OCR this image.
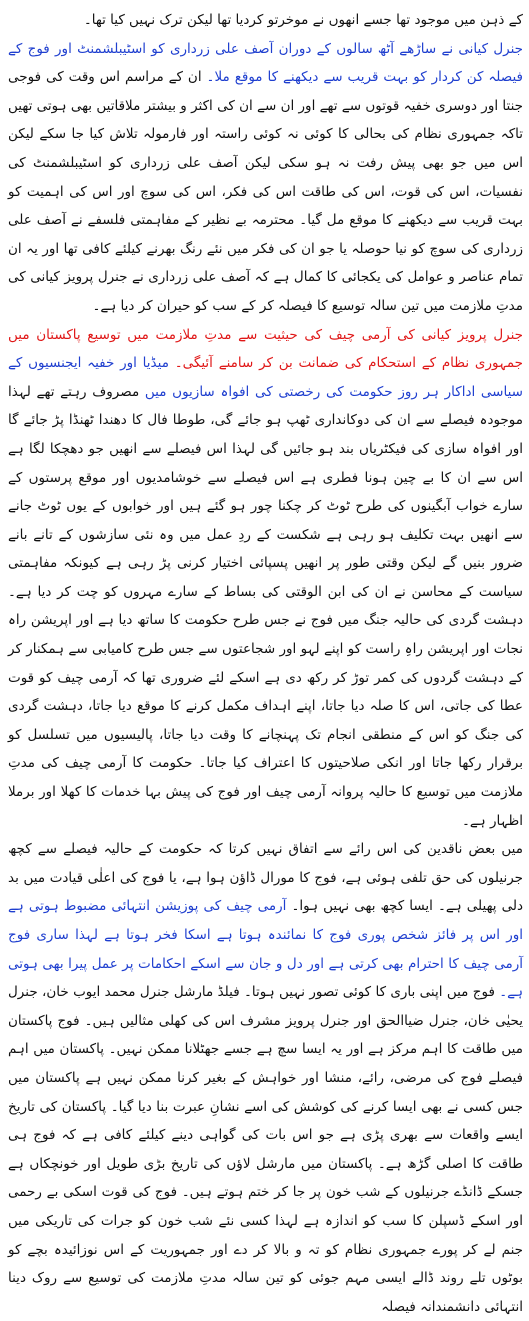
کے ذہن میں موجود تھا جسے انھوں نے موخرتو کردیا تھا لیکن ترک نہیں کیا تھا۔

جنرل کیانی نے ساڑھے آٹھ سالوں کے دوران آصف علی زرداری کو اسٹیبلشمنٹ اور فوج کے فیصلہ کن کردار کو بہت قریب سے دیکھنے کا موقع ملا۔ ان کے مراسم اس وقت کی فوجی جنتا اور دوسری خفیہ قوتوں سے تھے اور ان سے ان کی اکثر و بیشتر ملاقاتیں بھی ہوتی تھیں تاکہ جمہوری نظام کی بحالی کا کوئی نہ کوئی راستہ اور فارمولہ تلاش کیا جا سکے لیکن اس میں جو بھی پیش رفت نہ ہو سکی لیکن آصف علی زرداری کو اسٹیبلشمنٹ کی نفسیات، اس کی قوت، اس کی طاقت اس کی فکر، اس کی سوچ اور اس کی اہمیت کو بہت قریب سے دیکھنے کا موقع مل گیا۔ محترمہ بے نظیر کے مفاہمتی فلسفے نے آصف علی زرداری کی سوچ کو نیا حوصلہ یا جو ان کی فکر میں نئے رنگ بھرنے کیلئے کافی تھا اور یہ ان تمام عناصر و عوامل کی یکجائی کا کمال ہے کہ آصف علی زرداری نے جنرل پرویز کیانی کی مدتِ ملازمت میں تین سالہ توسیع کا فیصلہ کر کے سب کو حیران کر دیا ہے۔

جنرل پرویز کیانی کی آرمی چیف کی حیثیت سے مدتِ ملازمت میں توسیع پاکستان میں جمہوری نظام کے استحکام کی ضمانت بن کر سامنے آئیگی۔ میڈیا اور خفیہ ایجنسیوں کے سیاسی اداکار ہر روز حکومت کی رخصتی کی افواہ سازیوں میں مصروف رہتے تھے لہذا موجودہ فیصلے سے ان کی دوکانداری ٹھپ ہو جائے گی، طوطا فال کا دھندا ٹھنڈا پڑ جائے گا اور افواہ سازی کی فیکٹریاں بند ہو جائیں گی لہذا اس فیصلے سے انھیں جو دھچکا لگا ہے اس سے ان کا بے چین ہونا فطری ہے اس فیصلے سے خوشامدیوں اور موقع پرستوں کے سارے خواب آبگینوں کی طرح ٹوٹ کر چکنا چور ہو گئے ہیں اور خوابوں کے یوں ٹوٹ جانے سے انھیں بہت تکلیف ہو رہی ہے شکست کے ردِ عمل میں وہ نئی سازشوں کے تانے بانے ضرور بنیں گے لیکن وقتی طور پر انھیں پسپائی اختیار کرنی پڑ رہی ہے کیونکہ مفاہمتی سیاست کے محاسن نے ان کی ابن الوقتی کی بساط کے سارے مہروں کو چت کر دیا ہے۔ دہشت گردی کی حالیہ جنگ میں فوج نے جس طرح حکومت کا ساتھ دیا ہے اور اپریشن راہ نجات اور اپریشن راہِ راست کو اپنے لہو اور شجاعتوں سے جس طرح کامیابی سے ہمکنار کر کے دہشت گردوں کی کمر توڑ کر رکھ دی ہے اسکے لئے ضروری تھا کہ آرمی چیف کو قوت عطا کی جاتی، اس کا صلہ دیا جاتا، اپنے اہداف مکمل کرنے کا موقع دیا جاتا، دہشت گردی کی جنگ کو اس کے منطقی انجام تک پہنچانے کا وقت دیا جاتا، پالیسیوں میں تسلسل کو برقرار رکھا جاتا اور انکی صلاحیتوں کا اعتراف کیا جاتا۔ حکومت کا آرمی چیف کی مدتِ ملازمت میں توسیع کا حالیہ پروانہ آرمی چیف اور فوج کی پیش بہا خدمات کا کھلا اور برملا اظہار ہے۔

میں بعض ناقدین کی اس رائے سے اتفاق نہیں کرتا کہ حکومت کے حالیہ فیصلے سے کچھ جرنیلوں کی حق تلفی ہوئی ہے، فوج کا مورال ڈاؤن ہوا ہے، یا فوج کی اعلٰی قیادت میں بد دلی پھیلی ہے۔ ایسا کچھ بھی نہیں ہوا۔ آرمی چیف کی پوزیشن انتہائی مضبوط ہوتی ہے اور اس پر فائز شخص پوری فوج کا نمائندہ ہوتا ہے اسکا فخر ہوتا ہے لہذا ساری فوج آرمی چیف کا احترام بھی کرتی ہے اور دل و جان سے اسکے احکامات پر عمل پیرا بھی ہوتی ہے۔ فوج میں اپنی باری کا کوئی تصور نہیں ہوتا۔ فیلڈ مارشل جنرل محمد ایوب خان، جنرل یحیٰی خان، جنرل ضیاالحق اور جنرل پرویز مشرف اس کی کھلی مثالیں ہیں۔ فوج پاکستان میں طاقت کا اہم مرکز ہے اور یہ ایسا سچ ہے جسے جھٹلانا ممکن نہیں۔ پاکستان میں اہم فیصلے فوج کی مرضی، رائے، منشا اور خواہش کے بغیر کرنا ممکن نہیں ہے پاکستان میں جس کسی نے بھی ایسا کرنے کی کوشش کی اسے نشانِ عبرت بنا دیا گیا۔ پاکستان کی تاریخ ایسے واقعات سے بھری پڑی ہے جو اس بات کی گواہی دینے کیلئے کافی ہے کہ فوج ہی طاقت کا اصلی گڑھ ہے۔ پاکستان میں مارشل لاؤں کی تاریخ بڑی طویل اور خونچکاں ہے جسکے ڈانڈے جرنیلوں کے شب خون پر جا کر ختم ہوتے ہیں۔ فوج کی قوت اسکی بے رحمی اور اسکے ڈسپلن کا سب کو اندازہ ہے لہذا کسی نئے شب خون کو جرات کی تاریکی میں جنم لے کر پورے جمہوری نظام کو تہ و بالا کر دے اور جمہوریت کے اس نوزائیدہ بچے کو بوٹوں تلے روند ڈالے ایسی مہم جوئی کو تین سالہ مدتِ ملازمت کی توسیع سے روک دینا انتہائی دانشمندانہ فیصلہ
